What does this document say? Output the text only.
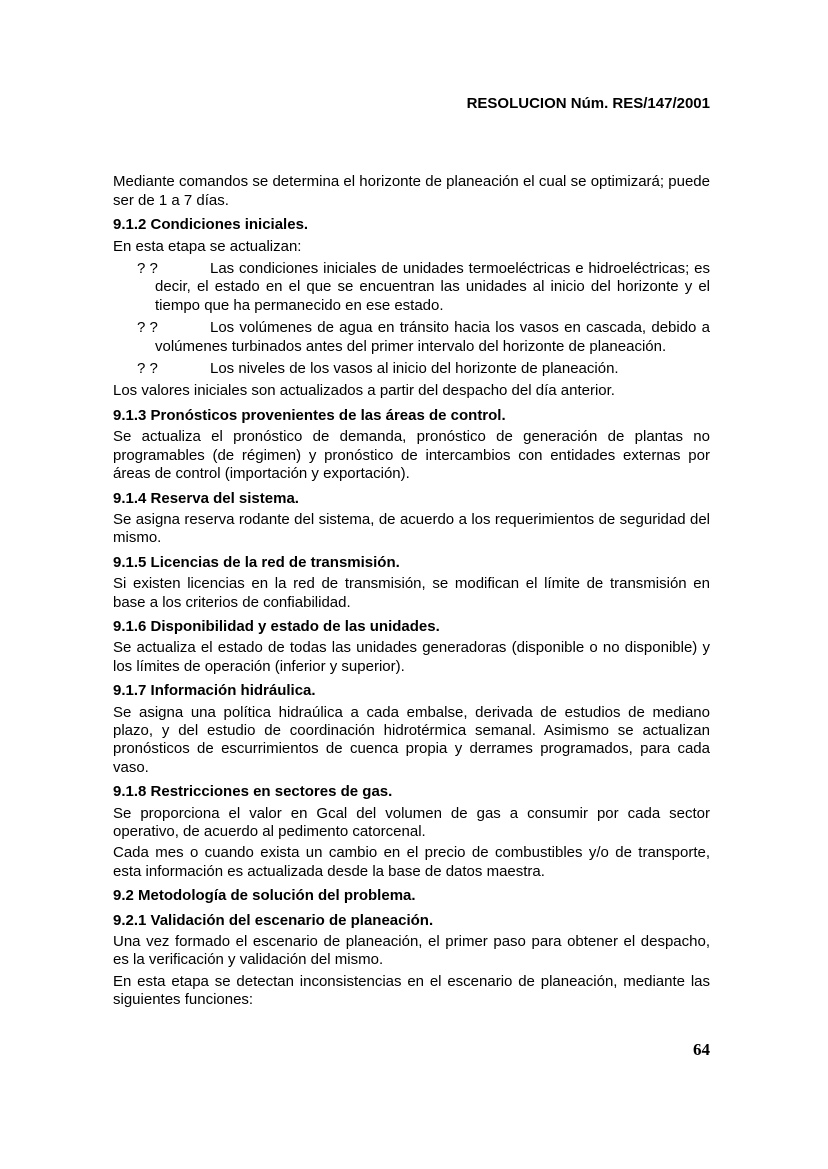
RESOLUCION Núm. RES/147/2001

Mediante comandos se determina el horizonte de planeación el cual se optimizará; puede ser de 1 a 7 días.

9.1.2 Condiciones iniciales.

En esta etapa se actualizan:

? ?	Las condiciones iniciales de unidades termoeléctricas e hidroeléctricas; es decir, el estado en el que se encuentran las unidades al inicio del horizonte y el tiempo que ha permanecido en ese estado.

? ?	Los volúmenes de agua en tránsito hacia los vasos en cascada, debido a volúmenes turbinados antes del primer intervalo del horizonte de planeación.

? ?	Los niveles de los vasos al inicio del horizonte de planeación.

Los valores iniciales son actualizados a partir del despacho del día anterior.

9.1.3 Pronósticos provenientes de las áreas de control.

Se actualiza el pronóstico de demanda, pronóstico de generación de plantas no programables (de régimen) y pronóstico de intercambios con entidades externas por áreas de control (importación y exportación).

9.1.4 Reserva del sistema.

Se asigna reserva rodante del sistema, de acuerdo a los requerimientos de seguridad del mismo.

9.1.5 Licencias de la red de transmisión.

Si existen licencias en la red de transmisión, se modifican el límite de transmisión en base a los criterios de confiabilidad.

9.1.6 Disponibilidad y estado de las unidades.

Se actualiza el estado de todas las unidades generadoras (disponible o no disponible) y los límites de operación (inferior y superior).

9.1.7 Información hidráulica.

Se asigna una política hidraúlica a cada embalse, derivada de estudios de mediano plazo, y del estudio de coordinación hidrotérmica semanal. Asimismo se actualizan pronósticos de escurrimientos de cuenca propia y derrames programados, para cada vaso.

9.1.8 Restricciones en sectores de gas.

Se proporciona el valor en Gcal del volumen de gas a consumir por cada sector operativo, de acuerdo al pedimento catorcenal.

Cada mes o cuando exista un cambio en el precio de combustibles y/o de transporte, esta información es actualizada desde la base de datos maestra.

9.2 Metodología de solución del problema.

9.2.1 Validación del escenario de planeación.

Una vez formado el escenario de planeación, el primer paso para obtener el despacho, es la verificación y validación del mismo.

En esta etapa se detectan inconsistencias en el escenario de planeación, mediante las siguientes funciones:

64
